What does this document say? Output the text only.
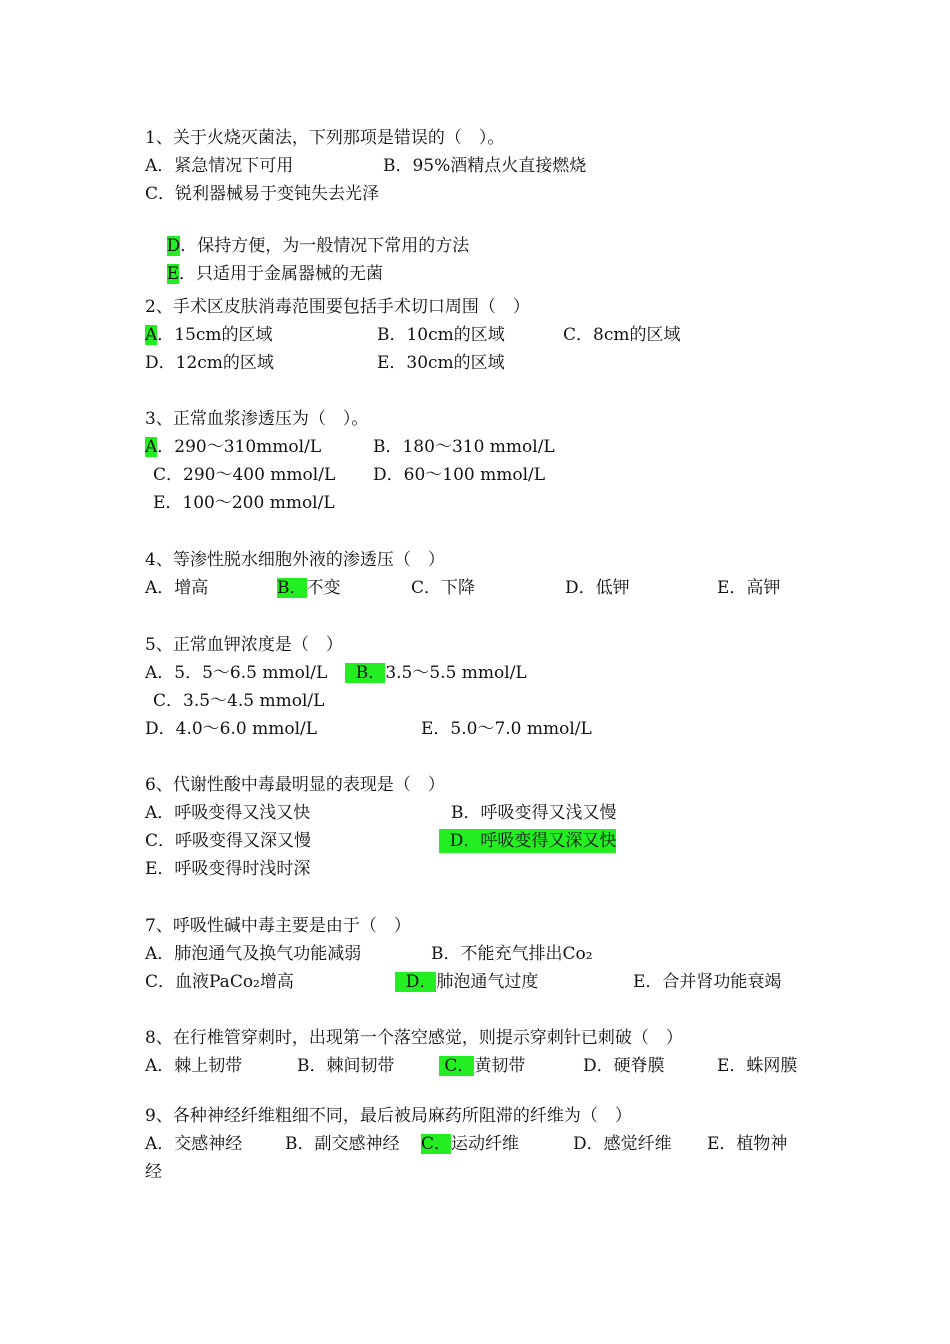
1、关于火烧灭菌法，下列那项是错误的（　）。

A．紧急情况下可用

	B．95%酒精点火直接燃烧

C．锐利器械易于变钝失去光泽

D．保持方便，为一般情况下常用的方法

E．只适用于金属器械的无菌

2、手术区皮肤消毒范围要包括手术切口周围（　）

A．15cm的区域

	B．10cm的区域

	C．8cm的区域

D．12cm的区域

	E．30cm的区域

3、正常血浆渗透压为（　）。

A．290～310mmol/L

	B．180～310 mmol/L

C．290～400 mmol/L

D．60～100 mmol/L

E．100～200 mmol/L
4、等渗性脱水细胞外液的渗透压（　）

A．增高

	B．不变

	C．下降

	D．低钾

	E．高钾

5、正常血钾浓度是（　）

A．5．5～6.5 mmol/L

B．3.5～5.5 mmol/L

C．3.5～4.5 mmol/L

D．4.0～6.0 mmol/L

	E．5.0～7.0 mmol/L

6、代谢性酸中毒最明显的表现是（　）

A．呼吸变得又浅又快

	B．呼吸变得又浅又慢

C．呼吸变得又深又慢

	D．呼吸变得又深又快

E．呼吸变得时浅时深
7、呼吸性碱中毒主要是由于（　）

A．肺泡通气及换气功能减弱

	B．不能充气排出Co₂

C．血液PaCo₂增高

	D．肺泡通气过度

	E．合并肾功能衰竭

8、在行椎管穿刺时，出现第一个落空感觉，则提示穿刺针已刺破（　）

A．棘上韧带

	B．棘间韧带

	C．黄韧带

	D．硬脊膜

	E．蛛网膜

9、各种神经纤维粗细不同，最后被局麻药所阻滞的纤维为（　）

A．交感神经

	B．副交感神经

C．运动纤维

	D．感觉纤维

E．植物神

经
